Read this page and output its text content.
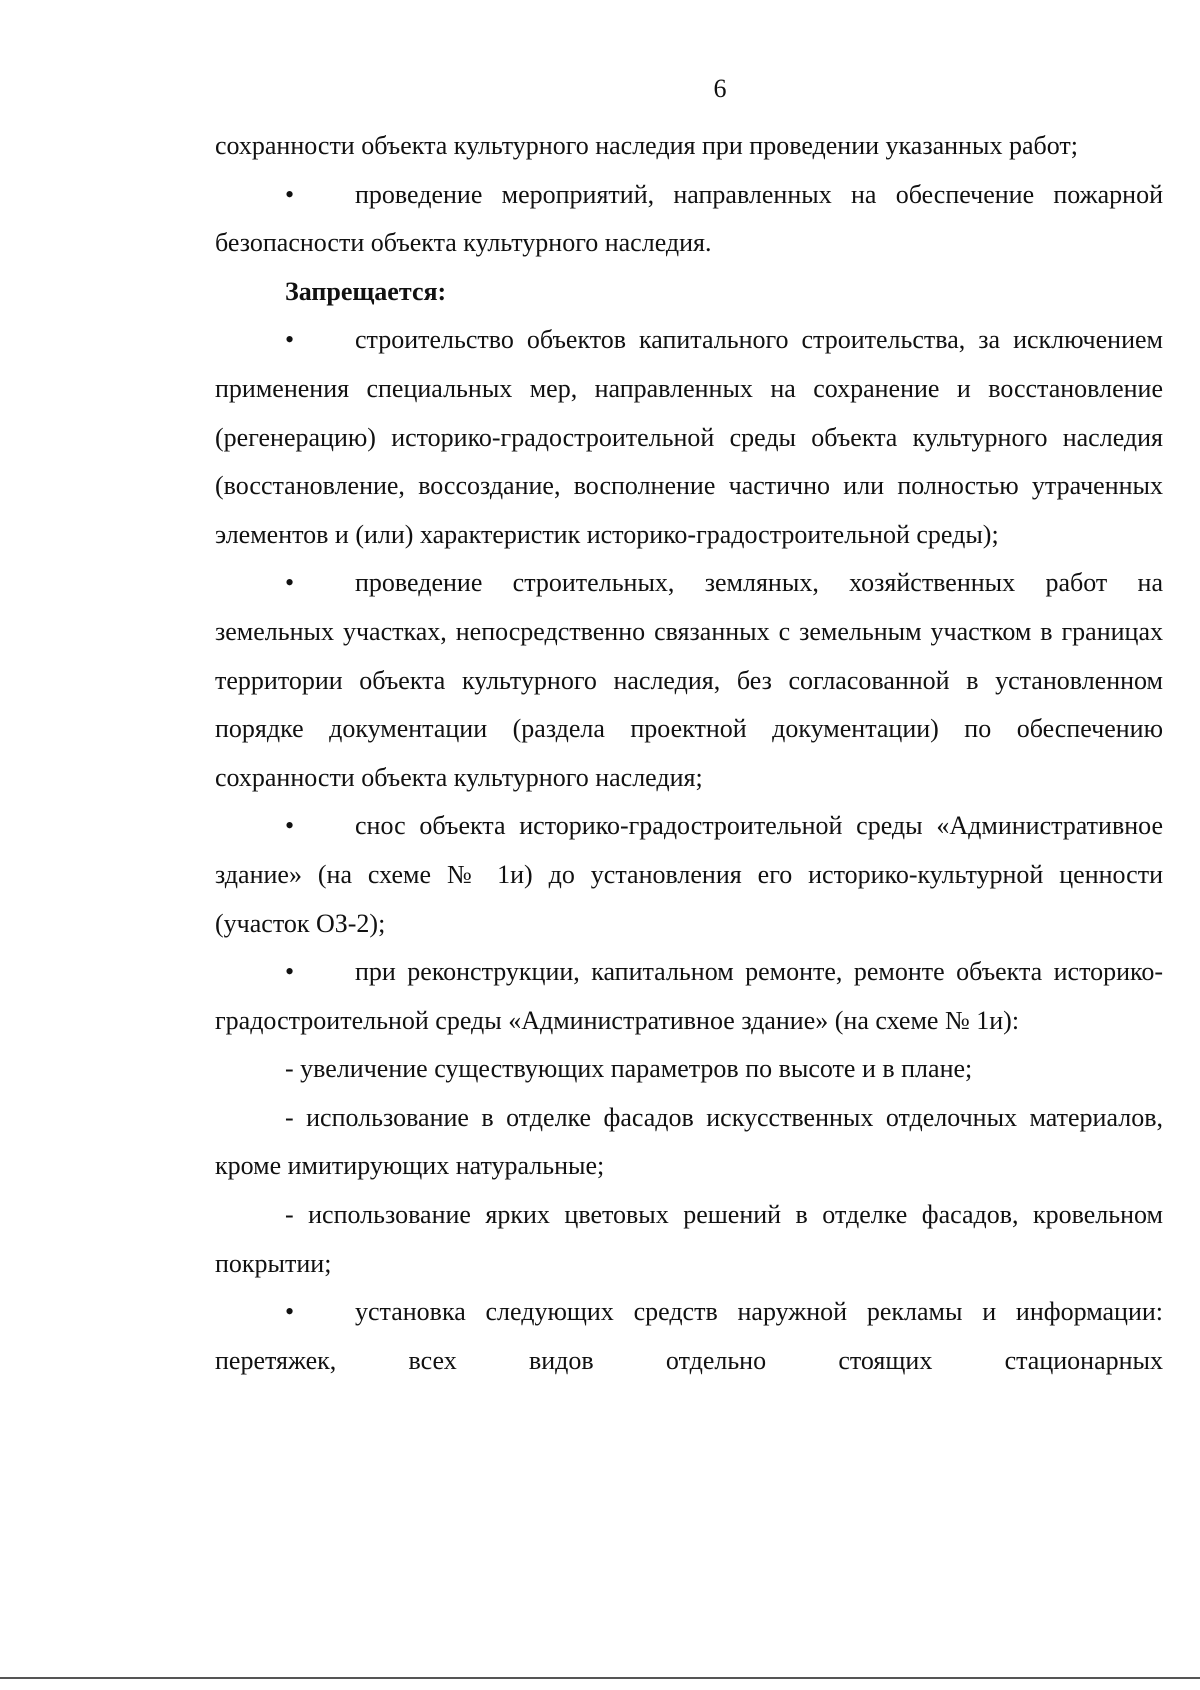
6

сохранности объекта культурного наследия при проведении указанных работ;

• проведение мероприятий, направленных на обеспечение пожарной безопасности объекта культурного наследия.

Запрещается:

• строительство объектов капитального строительства, за исключением применения специальных мер, направленных на сохранение и восстановление (регенерацию) историко-градостроительной среды объекта культурного наследия (восстановление, воссоздание, восполнение частично или полностью утраченных элементов и (или) характеристик историко-градостроительной среды);

• проведение строительных, земляных, хозяйственных работ на земельных участках, непосредственно связанных с земельным участком в границах территории объекта культурного наследия, без согласованной в установленном порядке документации (раздела проектной документации) по обеспечению сохранности объекта культурного наследия;

• снос объекта историко-градостроительной среды «Административное здание» (на схеме № 1и) до установления его историко-культурной ценности (участок ОЗ-2);

• при реконструкции, капитальном ремонте, ремонте объекта историко-градостроительной среды «Административное здание» (на схеме № 1и):

- увеличение существующих параметров по высоте и в плане;

- использование в отделке фасадов искусственных отделочных материалов, кроме имитирующих натуральные;

- использование ярких цветовых решений в отделке фасадов, кровельном покрытии;

• установка следующих средств наружной рекламы и информации: перетяжек, всех видов отдельно стоящих стационарных
